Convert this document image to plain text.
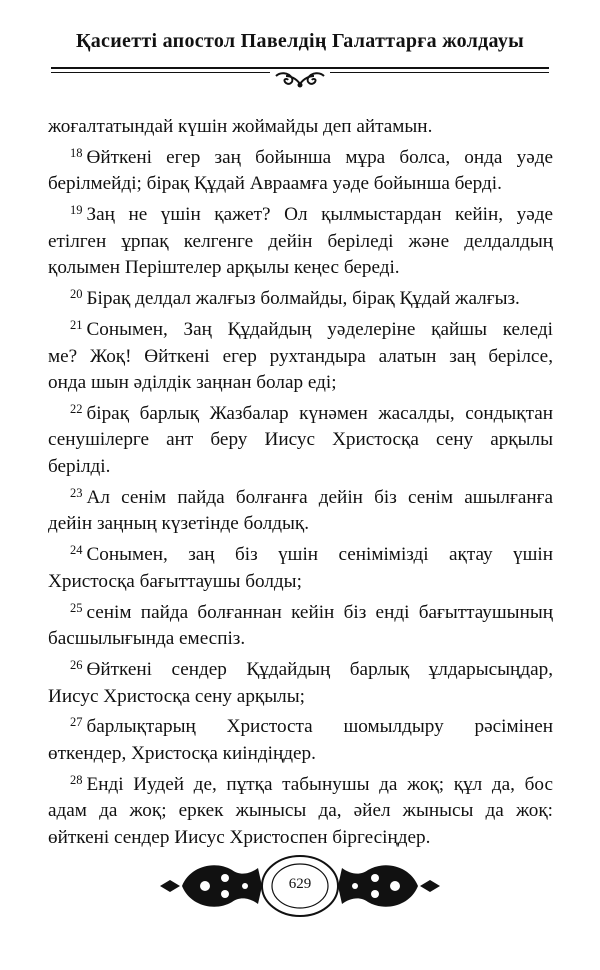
Қасиетті апостол Павелдің Галаттарға жолдауы
жоғалтатындай күшін жоймайды деп айтамын.
$^{18}$ Өйткені егер заң бойынша мұра болса, онда уәде
берілмейді; бірақ Құдай Авраамға уәде бойынша берді.
$^{19}$ Заң не үшін қажет? Ол қылмыстардан кейін, уәде
етілген ұрпақ келгенге дейін беріледі және делдалдың
қолымен Періштелер арқылы кеңес береді.
$^{20}$ Бірақ делдал жалғыз болмайды, бірақ Құдай жалғыз.
$^{21}$ Сонымен, Заң Құдайдың уәделеріне қайшы келеді
ме? Жоқ! Өйткені егер рухтандыра алатын заң берілсе,
онда шын әділдік заңнан болар еді;
$^{22}$ бірақ барлық Жазбалар күнәмен жасалды, сондықтан
сенушілерге ант беру Иисус Христосқа сену арқылы
берілді.
$^{23}$ Ал сенім пайда болғанға дейін біз сенім ашылғанға
дейін заңның күзетінде болдық.
$^{24}$ Сонымен, заң біз үшін сенімімізді ақтау үшін
Христосқа бағыттаушы болды;
$^{25}$ сенім пайда болғаннан кейін біз енді бағыттаушының
басшылығында емеспіз.
$^{26}$ Өйткені сендер Құдайдың барлық ұлдарысыңдар,
Иисус Христосқа сену арқылы;
$^{27}$ барлықтарың Христоста шомылдыру рәсімінен
өткендер, Христосқа киіндіңдер.
$^{28}$ Енді Иудей де, пұтқа табынушы да жоқ; құл да, бос
адам да жоқ; еркек жынысы да, әйел жынысы да жоқ:
өйткені сендер Иисус Христоспен біргесіңдер.
629
